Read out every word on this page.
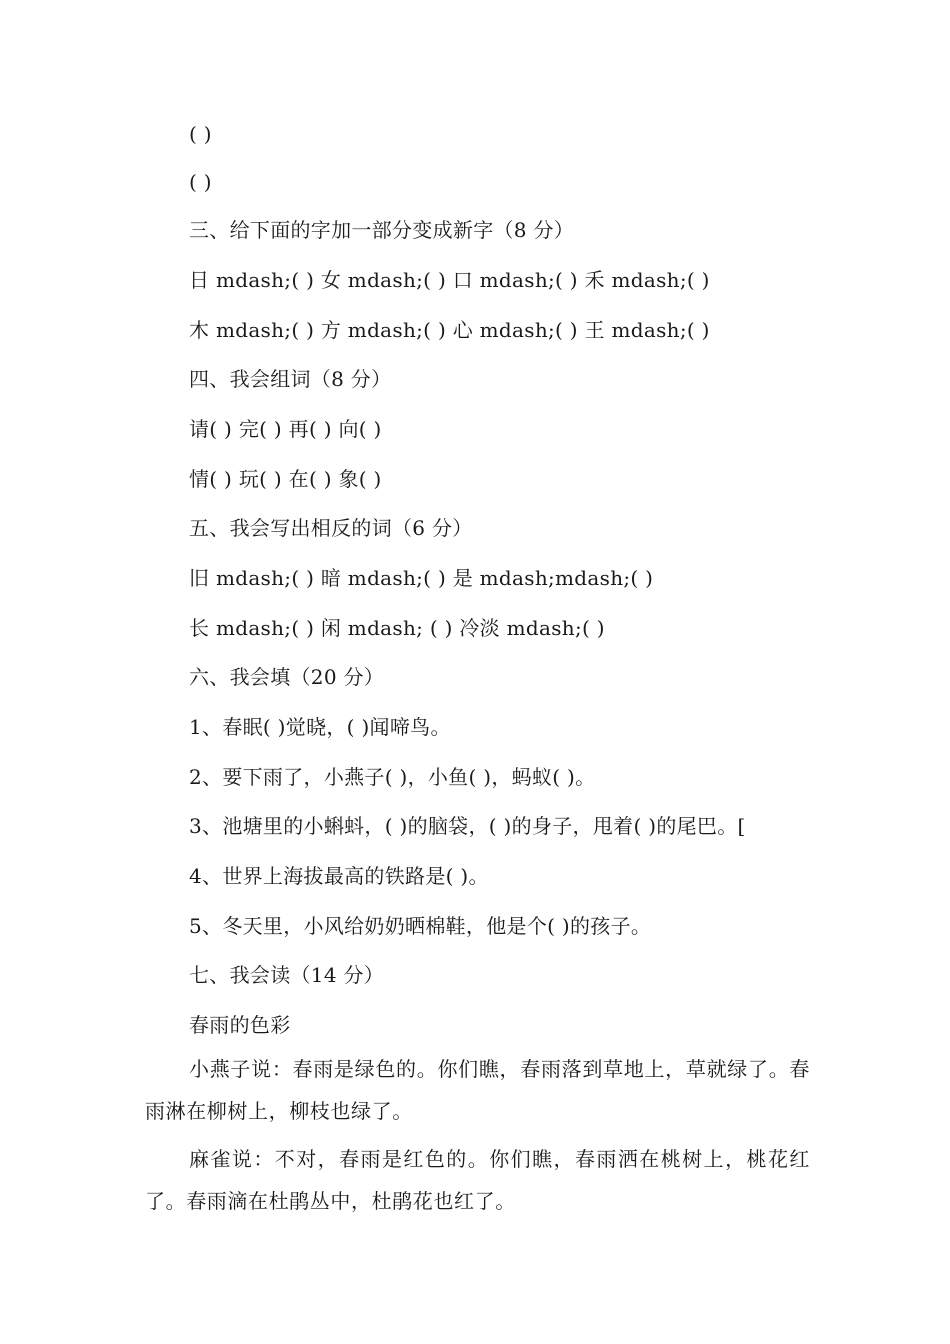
( )
( )
三、给下面的字加一部分变成新字（8 分）
日 mdash;( ) 女 mdash;( ) 口 mdash;( ) 禾 mdash;( )
木 mdash;( ) 方 mdash;( ) 心 mdash;( ) 王 mdash;( )
四、我会组词（8 分）
请( ) 完( ) 再( ) 向( )
情( ) 玩( ) 在( ) 象( )
五、我会写出相反的词（6 分）
旧 mdash;( ) 暗 mdash;( ) 是 mdash;mdash;( )
长 mdash;( ) 闲 mdash; ( ) 冷淡 mdash;( )
六、我会填（20 分）
1、春眠( )觉晓，( )闻啼鸟。
2、要下雨了，小燕子( )，小鱼( )，蚂蚁( )。
3、池塘里的小蝌蚪，( )的脑袋，( )的身子，甩着( )的尾巴。[
4、世界上海拔最高的铁路是( )。
5、冬天里，小风给奶奶晒棉鞋，他是个( )的孩子。
七、我会读（14 分）
春雨的色彩
小燕子说：春雨是绿色的。你们瞧，春雨落到草地上，草就绿了。春雨淋在柳树上，柳枝也绿了。
麻雀说：不对，春雨是红色的。你们瞧，春雨洒在桃树上，桃花红了。春雨滴在杜鹃丛中，杜鹃花也红了。
